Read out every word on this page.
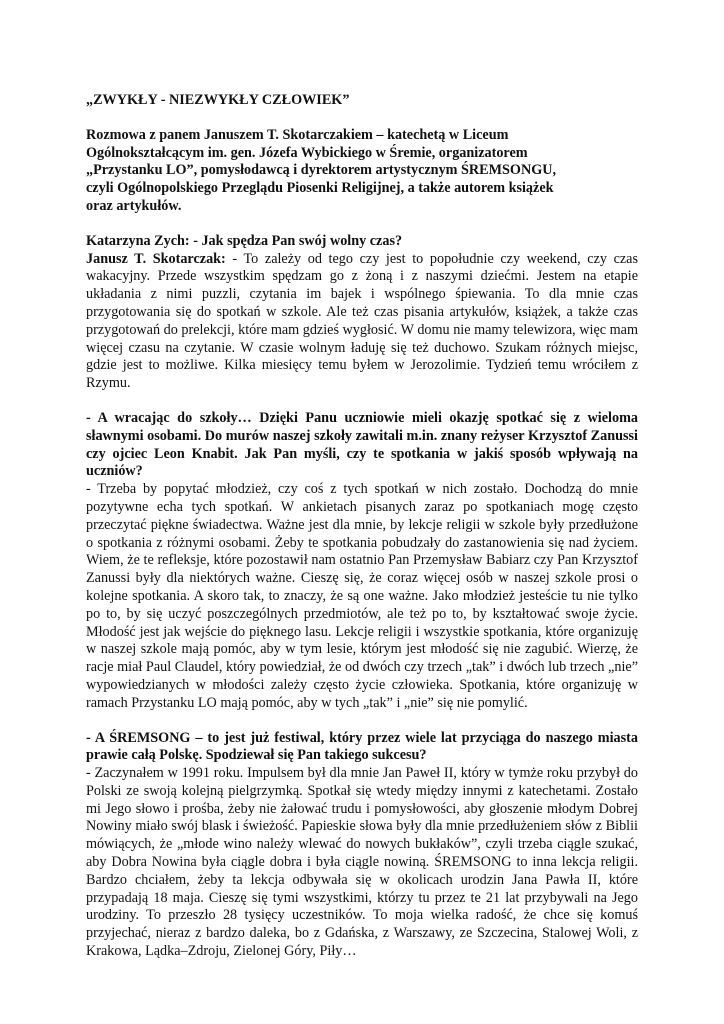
„ZWYKŁY - NIEZWYKŁY CZŁOWIEK”
Rozmowa z panem Januszem T. Skotarczakiem – katechetą w Liceum
Ogólnokształcącym im. gen. Józefa Wybickiego w Śremie, organizatorem
„Przystanku LO”, pomysłodawcą i dyrektorem artystycznym ŚREMSONGU,
czyli Ogólnopolskiego Przeglądu Piosenki Religijnej, a także autorem książek
oraz artykułów.
Katarzyna Zych: - Jak spędza Pan swój wolny czas?
Janusz T. Skotarczak: - To zależy od tego czy jest to popołudnie czy weekend, czy czas wakacyjny. Przede wszystkim spędzam go z żoną i z naszymi dziećmi. Jestem na etapie układania z nimi puzzli, czytania im bajek i wspólnego śpiewania. To dla mnie czas przygotowania się do spotkań w szkole. Ale też czas pisania artykułów, książek, a także czas przygotowań do prelekcji, które mam gdzieś wygłosić. W domu nie mamy telewizora, więc mam więcej czasu na czytanie. W czasie wolnym ładuję się też duchowo. Szukam różnych miejsc, gdzie jest to możliwe. Kilka miesięcy temu byłem w Jerozolimie. Tydzień temu wróciłem z Rzymu.
- A wracając do szkoły… Dzięki Panu uczniowie mieli okazję spotkać się z wieloma sławnymi osobami. Do murów naszej szkoły zawitali m.in. znany reżyser Krzysztof Zanussi czy ojciec Leon Knabit. Jak Pan myśli, czy te spotkania w jakiś sposób wpływają na uczniów?
- Trzeba by popytać młodzież, czy coś z tych spotkań w nich zostało. Dochodzą do mnie pozytywne echa tych spotkań. W ankietach pisanych zaraz po spotkaniach mogę często przeczytać piękne świadectwa. Ważne jest dla mnie, by lekcje religii w szkole były przedłużone o spotkania z różnymi osobami. Żeby te spotkania pobudzały do zastanowienia się nad życiem. Wiem, że te refleksje, które pozostawił nam ostatnio Pan Przemysław Babiarz czy Pan Krzysztof Zanussi były dla niektórych ważne. Cieszę się, że coraz więcej osób w naszej szkole prosi o kolejne spotkania. A skoro tak, to znaczy, że są one ważne. Jako młodzież jesteście tu nie tylko po to, by się uczyć poszczególnych przedmiotów, ale też po to, by kształtować swoje życie. Młodość jest jak wejście do pięknego lasu. Lekcje religii i wszystkie spotkania, które organizuję w naszej szkole mają pomóc, aby w tym lesie, którym jest młodość się nie zagubić. Wierzę, że racje miał Paul Claudel, który powiedział, że od dwóch czy trzech „tak” i dwóch lub trzech „nie” wypowiedzianych w młodości zależy często życie człowieka. Spotkania, które organizuję w ramach Przystanku LO mają pomóc, aby w tych „tak” i „nie” się nie pomylić.
- A ŚREMSONG – to jest już festiwal, który przez wiele lat przyciąga do naszego miasta prawie całą Polskę. Spodziewał się Pan takiego sukcesu?
- Zaczynałem w 1991 roku. Impulsem był dla mnie Jan Paweł II, który w tymże roku przybył do Polski ze swoją kolejną pielgrzymką. Spotkał się wtedy między innymi z katechetami. Zostało mi Jego słowo i prośba, żeby nie żałować trudu i pomysłowości, aby głoszenie młodym Dobrej Nowiny miało swój blask i świeżość. Papieskie słowa były dla mnie przedłużeniem słów z Biblii mówiących, że „młode wino należy wlewać do nowych bukłaków”, czyli trzeba ciągle szukać, aby Dobra Nowina była ciągle dobra i była ciągle nowiną. ŚREMSONG to inna lekcja religii. Bardzo chciałem, żeby ta lekcja odbywała się w okolicach urodzin Jana Pawła II, które przypadają 18 maja. Cieszę się tymi wszystkimi, którzy tu przez te 21 lat przybywali na Jego urodziny. To przeszło 28 tysięcy uczestników. To moja wielka radość, że chce się komuś przyjechać, nieraz z bardzo daleka, bo z Gdańska, z Warszawy, ze Szczecina, Stalowej Woli, z Krakowa, Lądka–Zdroju, Zielonej Góry, Piły…
